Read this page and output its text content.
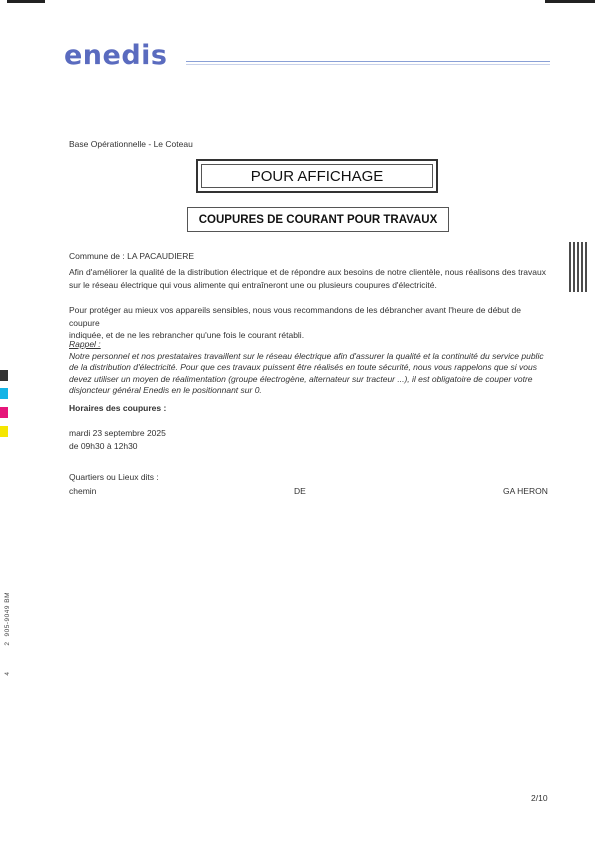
enedis
Base Opérationnelle - Le Coteau
POUR AFFICHAGE
COUPURES DE COURANT POUR TRAVAUX
Commune de : LA PACAUDIERE
Afin d'améliorer la qualité de la distribution électrique et de répondre aux besoins de notre clientèle, nous réalisons des travaux
sur le réseau électrique qui vous alimente qui entraîneront une ou plusieurs coupures d'électricité.
Pour protéger au mieux vos appareils sensibles, nous vous recommandons de les débrancher avant l'heure de début de coupure
indiquée, et de ne les rebrancher qu'une fois le courant rétabli.
Rappel :
Notre personnel et nos prestataires travaillent sur le réseau électrique afin d'assurer la qualité et la continuité du service public
de la distribution d'électricité. Pour que ces travaux puissent être réalisés en toute sécurité, nous vous rappelons que si vous
devez utiliser un moyen de réalimentation (groupe électrogène, alternateur sur tracteur ...), il est obligatoire de couper votre
disjoncteur général Enedis en le positionnant sur 0.
Horaires des coupures :
mardi 23 septembre 2025
de 09h30 à 12h30
Quartiers ou Lieux dits :
chemin	DE	GA HERON
905-9049 BM
2
4
2/10
